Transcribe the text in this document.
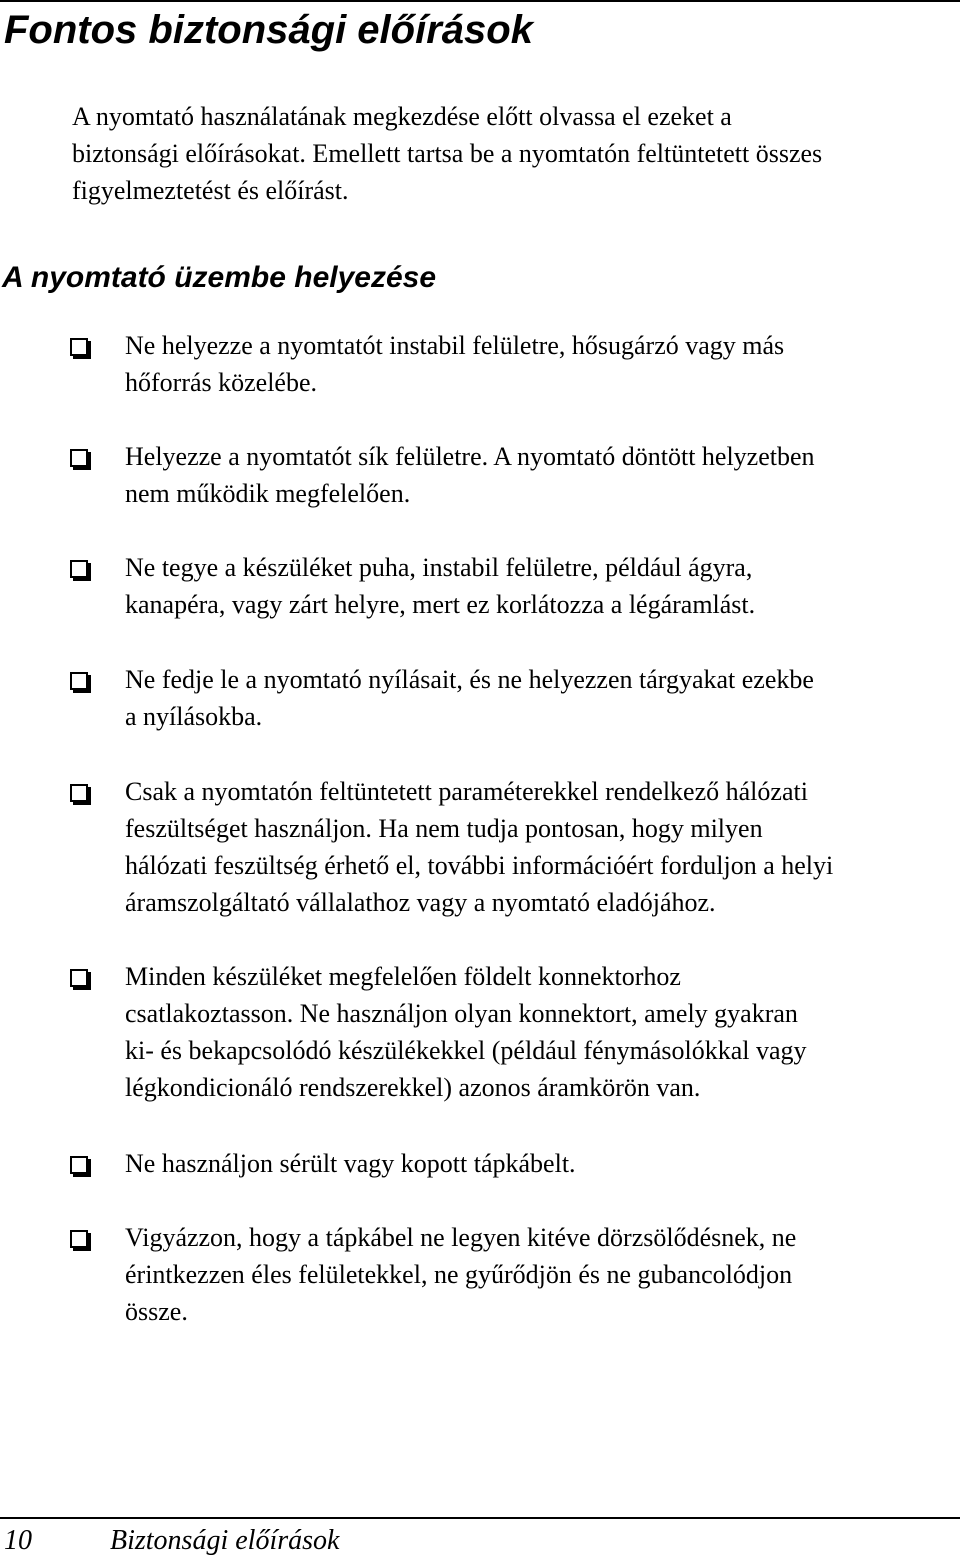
Fontos biztonsági előírások

A nyomtató használatának megkezdése előtt olvassa el ezeket a
biztonsági előírásokat. Emellett tartsa be a nyomtatón feltüntetett összes
figyelmeztetést és előírást.

A nyomtató üzembe helyezése

Ne helyezze a nyomtatót instabil felületre, hősugárzó vagy más
hőforrás közelébe.

Helyezze a nyomtatót sík felületre. A nyomtató döntött helyzetben
nem működik megfelelően.

Ne tegye a készüléket puha, instabil felületre, például ágyra,
kanapéra, vagy zárt helyre, mert ez korlátozza a légáramlást.

Ne fedje le a nyomtató nyílásait, és ne helyezzen tárgyakat ezekbe
a nyílásokba.

Csak a nyomtatón feltüntetett paraméterekkel rendelkező hálózati
feszültséget használjon. Ha nem tudja pontosan, hogy milyen
hálózati feszültség érhető el, további információért forduljon a helyi
áramszolgáltató vállalathoz vagy a nyomtató eladójához.

Minden készüléket megfelelően földelt konnektorhoz
csatlakoztasson. Ne használjon olyan konnektort, amely gyakran
ki- és bekapcsolódó készülékekkel (például fénymásolókkal vagy
légkondicionáló rendszerekkel) azonos áramkörön van.

Ne használjon sérült vagy kopott tápkábelt.

Vigyázzon, hogy a tápkábel ne legyen kitéve dörzsölődésnek, ne
érintkezzen éles felületekkel, ne gyűrődjön és ne gubancolódjon
össze.

10	Biztonsági előírások
